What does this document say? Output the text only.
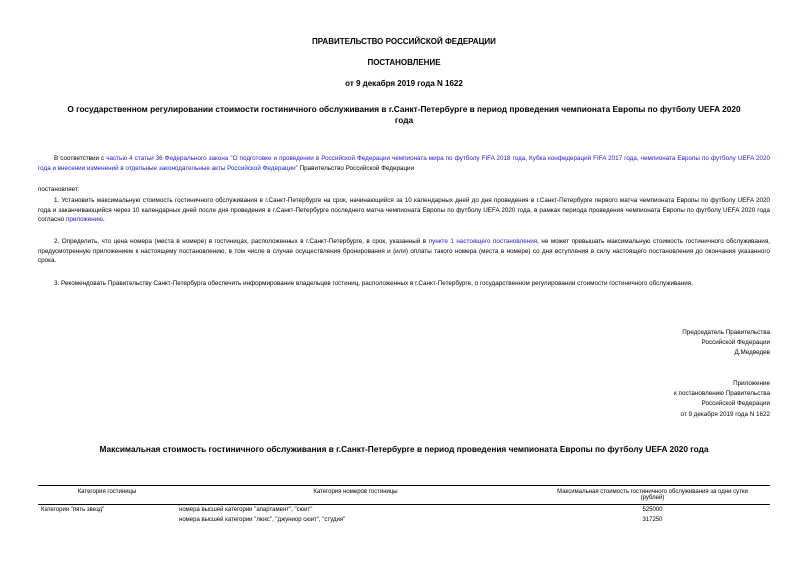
ПРАВИТЕЛЬСТВО РОССИЙСКОЙ ФЕДЕРАЦИИ
ПОСТАНОВЛЕНИЕ
от 9 декабря 2019 года N 1622
О государственном регулировании стоимости гостиничного обслуживания в г.Санкт-Петербурге в период проведения чемпионата Европы по футболу UEFA 2020
года
В соответствии с частью 4 статьи 36 Федерального закона "О подготовке и проведении в Российской Федерации чемпионата мира по футболу FIFA 2018 года, Кубка конфедераций FIFA 2017 года, чемпионата Европы по футболу UEFA 2020 года и внесении изменений в отдельные законодательные акты Российской Федерации" Правительство Российской Федерации
постановляет:
1. Установить максимальную стоимость гостиничного обслуживания в г.Санкт-Петербурге на срок, начинающийся за 10 календарных дней до дня проведения в г.Санкт-Петербурге первого матча чемпионата Европы по футболу UEFA 2020 года и заканчивающийся через 10 календарных дней после дня проведения в г.Санкт-Петербурге последнего матча чемпионата Европы по футболу UEFA 2020 года, в рамках периода проведения чемпионата Европы по футболу UEFA 2020 года согласно приложению.
2. Определить, что цена номера (места в номере) в гостиницах, расположенных в г.Санкт-Петербурге, в срок, указанный в пункте 1 настоящего постановления, не может превышать максимальную стоимость гостиничного обслуживания, предусмотренную приложением к настоящему постановлению, в том числе в случае осуществления бронирования и (или) оплаты такого номера (места в номере) со дня вступления в силу настоящего постановления до окончания указанного срока.
3. Рекомендовать Правительству Санкт-Петербурга обеспечить информирование владельцев гостиниц, расположенных в г.Санкт-Петербурге, о государственном регулировании стоимости гостиничного обслуживания.
Председатель Правительства
Российской Федерации
Д.Медведев
Приложение
к постановлению Правительства
Российской Федерации
от 9 декабря 2019 года N 1622
Максимальная стоимость гостиничного обслуживания в г.Санкт-Петербурге в период проведения чемпионата Европы по футболу UEFA 2020 года
Категория гостиницы	Категория номеров гостиницы	Максимальная стоимость гостиничного обслуживания за одни сутки
(рублей)

Категория "пять звезд"	номера высшей категории "апартамент", "сюит"	525000
	номера высшей категории "люкс", "джуниор сюит", "студия"	317250
